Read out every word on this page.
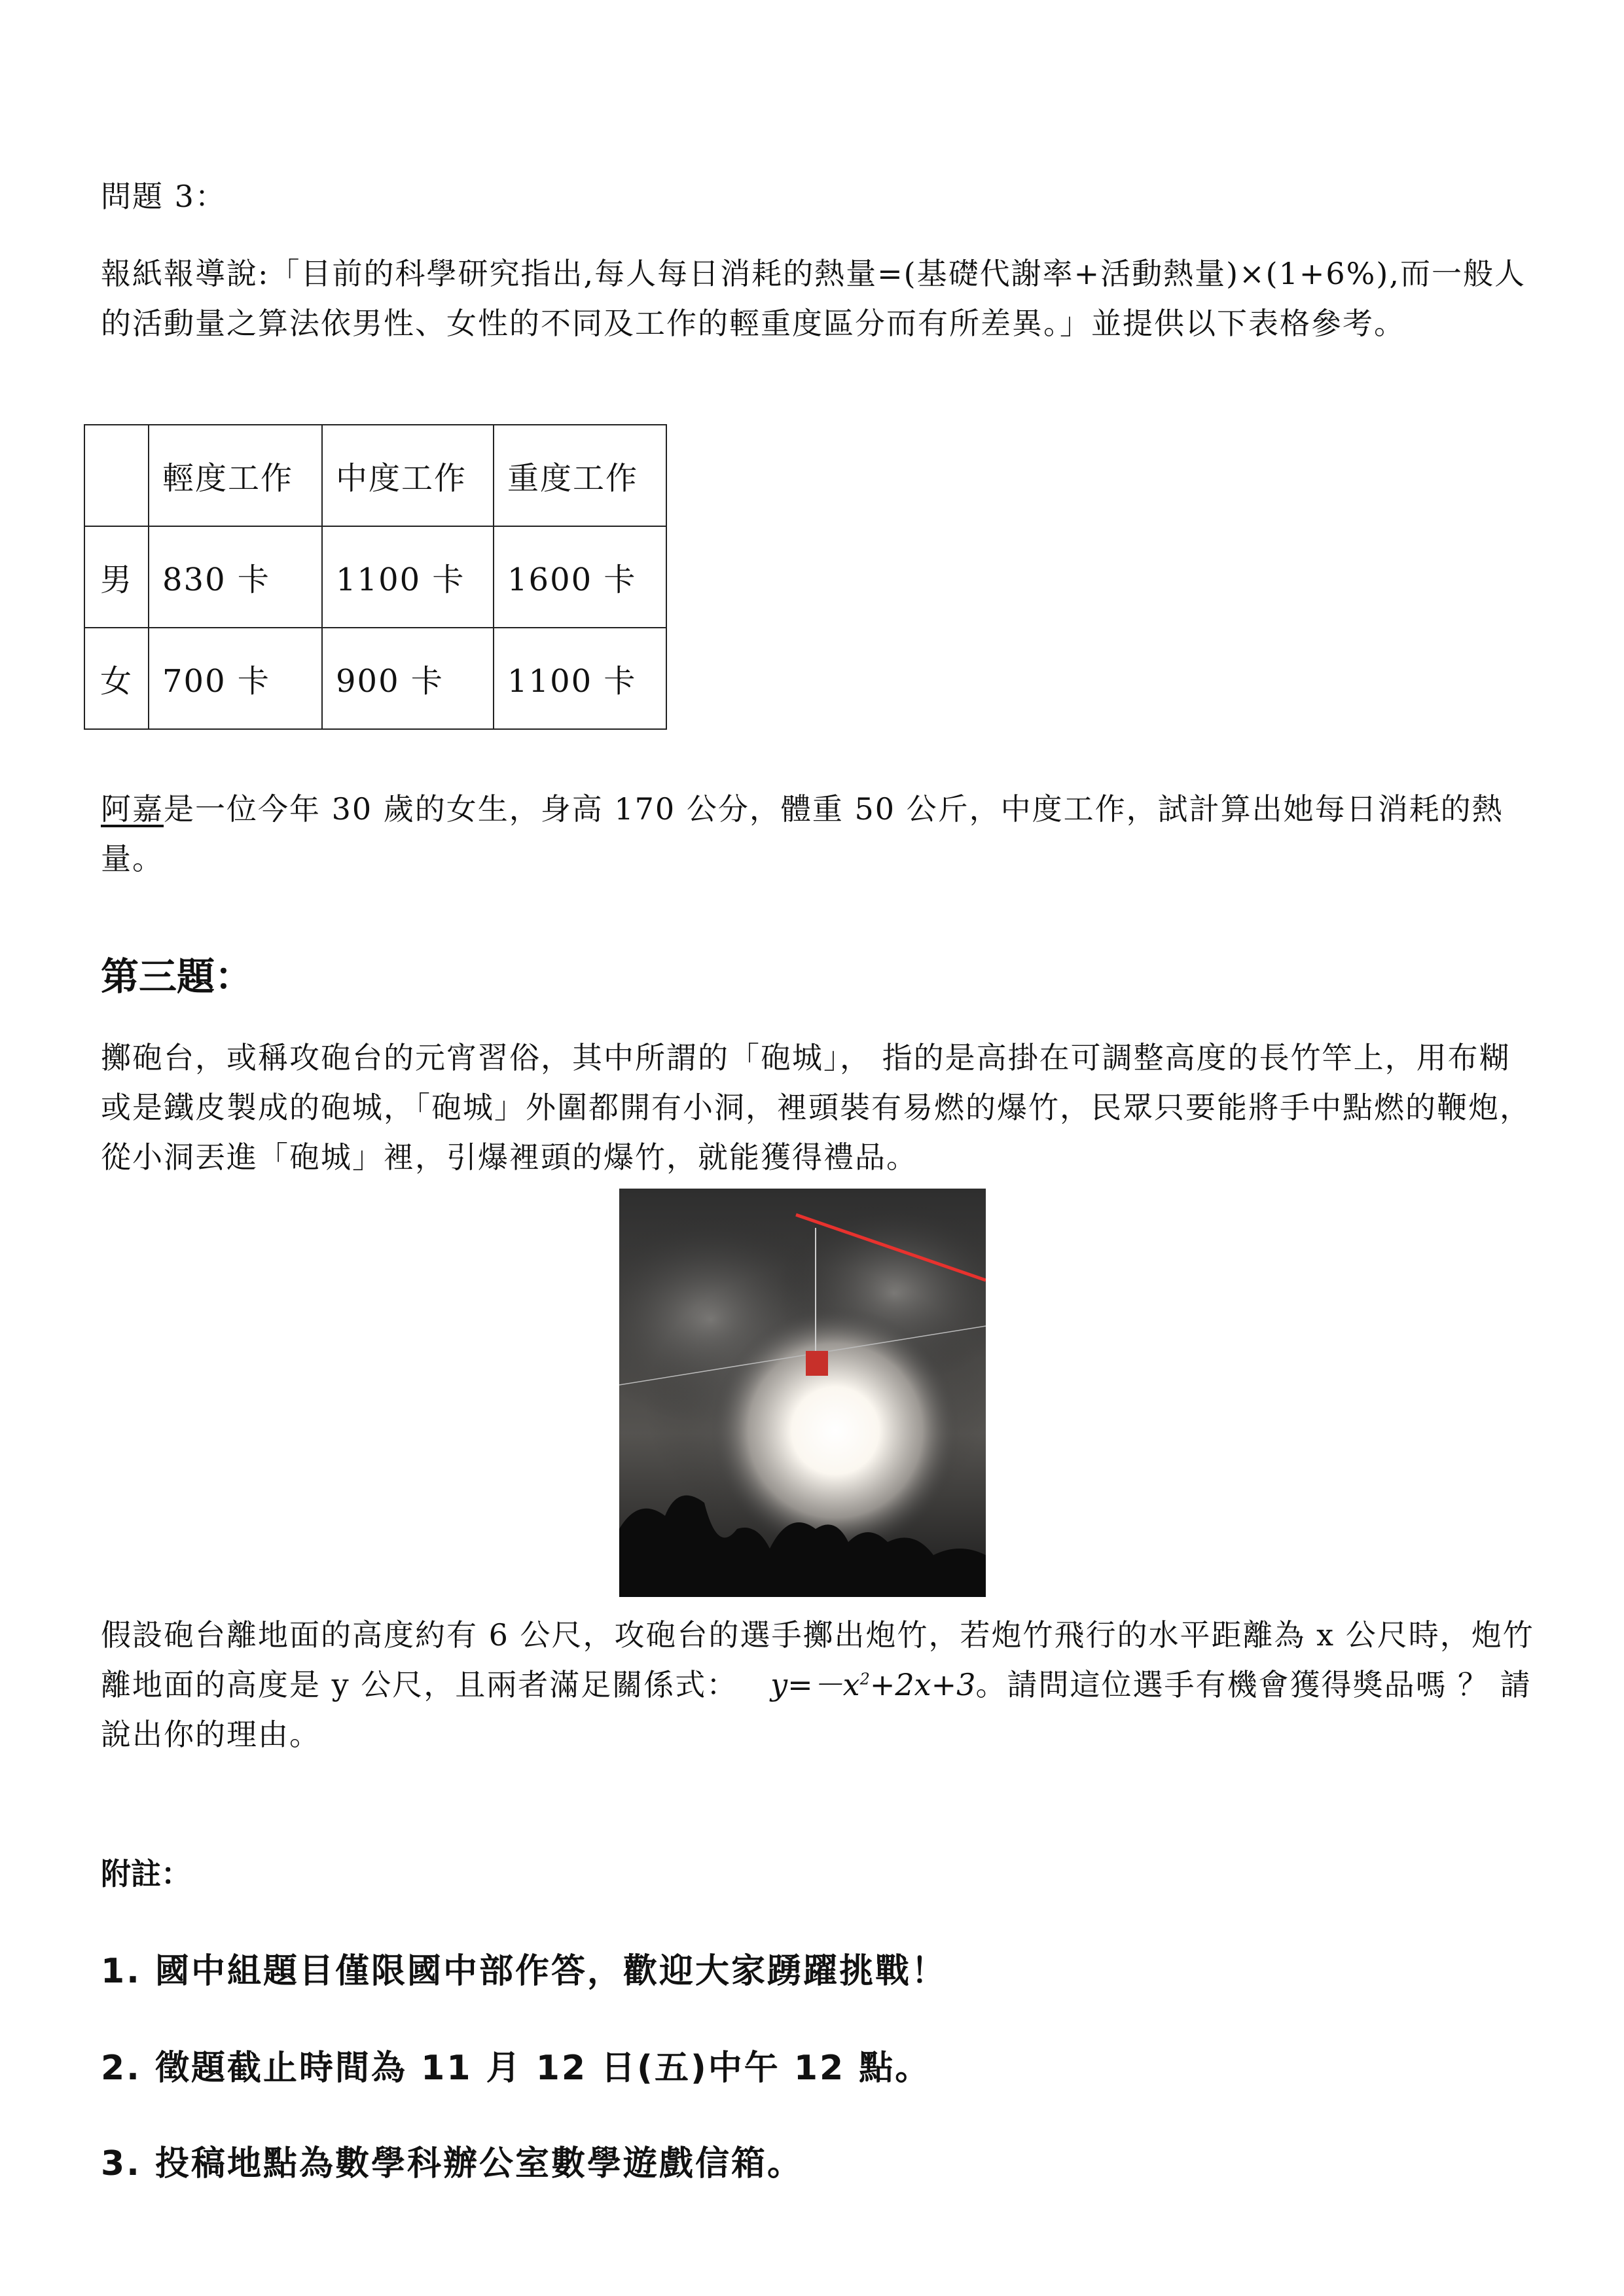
問題 3：

報紙報導說:「目前的科學研究指出,每人每日消耗的熱量=(基礎代謝率+活動熱量)×(1+6%),而一般人的活動量之算法依男性、女性的不同及工作的輕重度區分而有所差異。」並提供以下表格參考。

	輕度工作	中度工作	重度工作
男	830 卡	1100 卡	1600 卡
女	700 卡	900 卡	1100 卡

阿嘉是一位今年 30 歲的女生，身高 170 公分，體重 50 公斤，中度工作，試計算出她每日消耗的熱量。

第三題：

擲砲台，或稱攻砲台的元宵習俗，其中所謂的「砲城」， 指的是高掛在可調整高度的長竹竿上，用布糊或是鐵皮製成的砲城，「砲城」外圍都開有小洞，裡頭裝有易燃的爆竹，民眾只要能將手中點燃的鞭炮，從小洞丟進「砲城」裡，引爆裡頭的爆竹，就能獲得禮品。

假設砲台離地面的高度約有 6 公尺，攻砲台的選手擲出炮竹，若炮竹飛行的水平距離為 x 公尺時，炮竹離地面的高度是 y 公尺，且兩者滿足關係式： $y=-x^2+2x+3$。請問這位選手有機會獲得獎品嗎 ？ 請說出你的理由。

附註：

1. 國中組題目僅限國中部作答，歡迎大家踴躍挑戰！

2. 徵題截止時間為 11 月 12 日(五)中午 12 點。

3. 投稿地點為數學科辦公室數學遊戲信箱。
